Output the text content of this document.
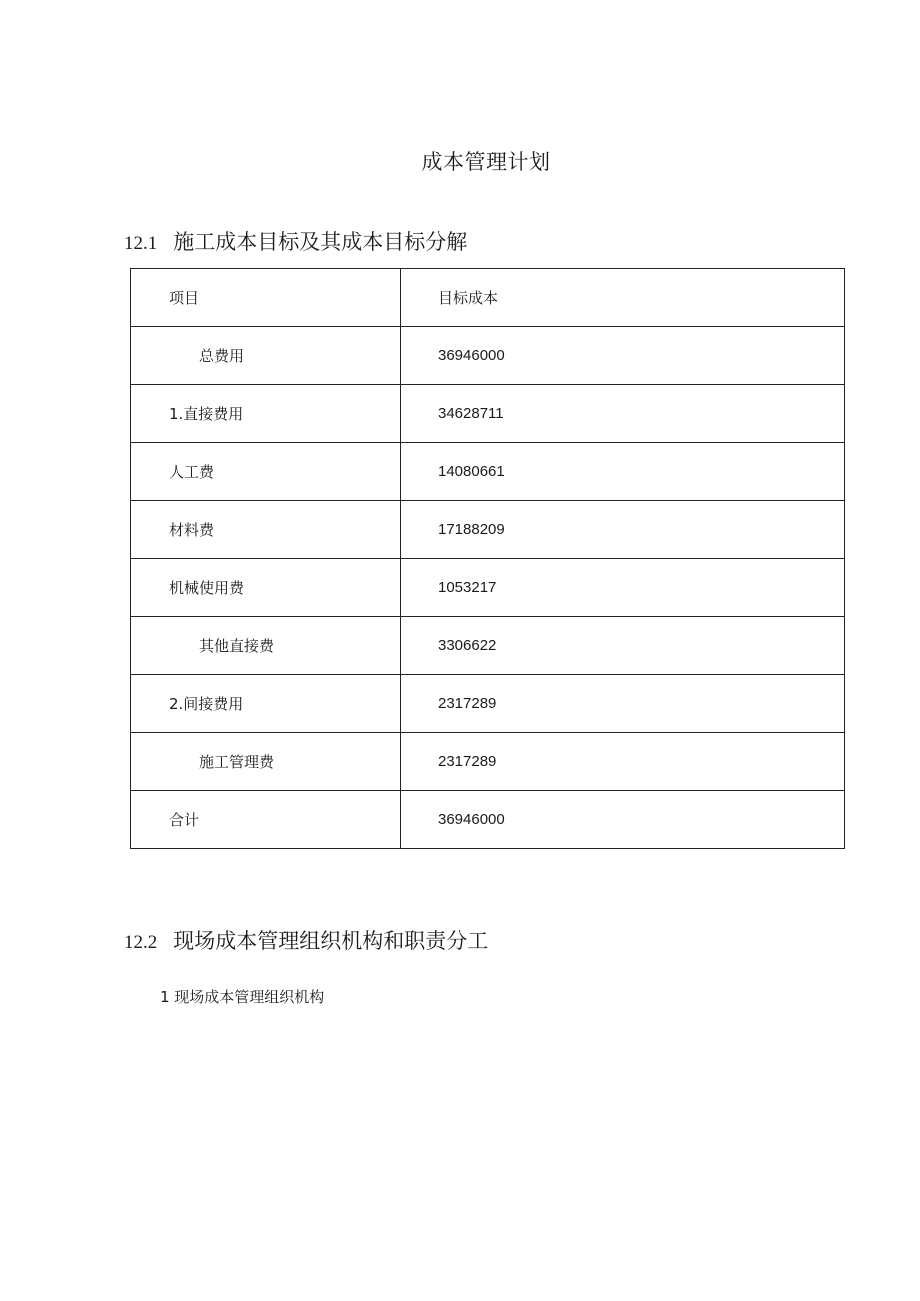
成本管理计划
12.1 施工成本目标及其成本目标分解
项目	目标成本
总费用	36946000
1.直接费用	34628711
人工费	14080661
材料费	17188209
机械使用费	1053217
其他直接费	3306622
2.间接费用	2317289
施工管理费	2317289
合计	36946000
12.2 现场成本管理组织机构和职责分工
1 现场成本管理组织机构
